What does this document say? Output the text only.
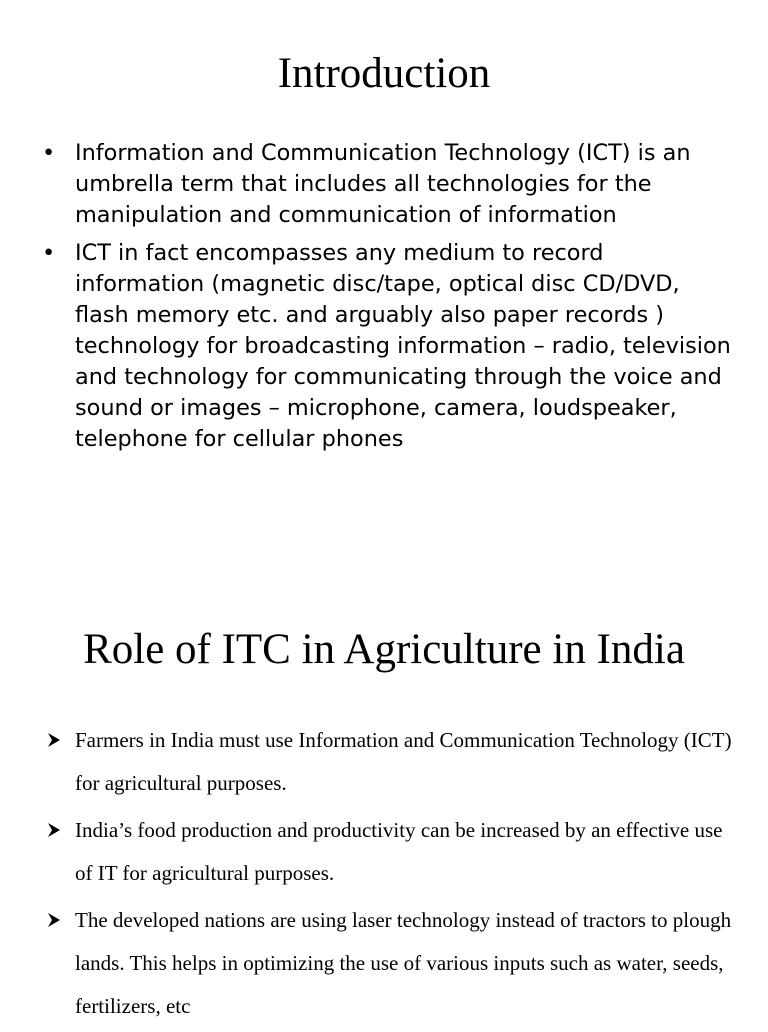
Introduction
• Information and Communication Technology (ICT) is an umbrella term that includes all technologies for the manipulation and communication of information
• ICT in fact encompasses any medium to record information (magnetic disc/tape, optical disc CD/DVD, flash memory etc. and arguably also paper records ) technology for broadcasting information – radio, television and technology for communicating through the voice and sound or images – microphone, camera, loudspeaker, telephone for cellular phones
Role of ITC in Agriculture in India
Farmers in India must use Information and Communication Technology (ICT) for agricultural purposes.
India’s food production and productivity can be increased by an effective use of IT for agricultural purposes.
The developed nations are using laser technology instead of tractors to plough lands. This helps in optimizing the use of various inputs such as water, seeds, fertilizers, etc
